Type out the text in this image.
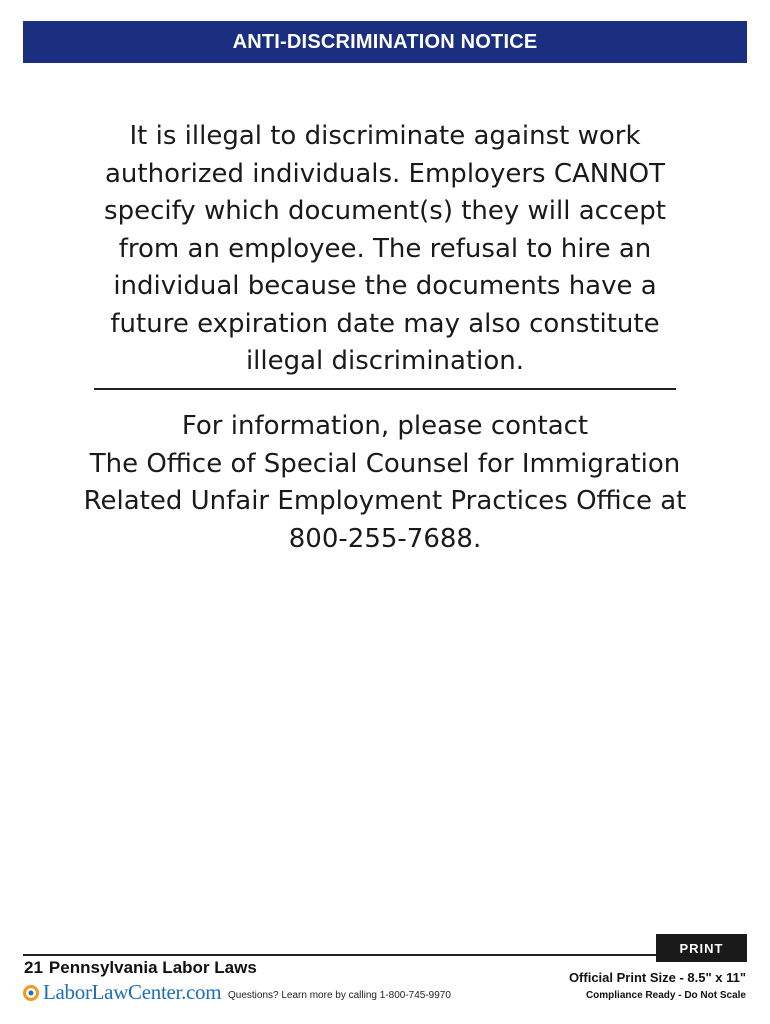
ANTI-DISCRIMINATION NOTICE
It is illegal to discriminate against work
authorized individuals. Employers CANNOT
specify which document(s) they will accept
from an employee. The refusal to hire an
individual because the documents have a
future expiration date may also constitute
illegal discrimination.
For information, please contact
The Office of Special Counsel for Immigration
Related Unfair Employment Practices Office at
800-255-7688.
PRINT
21 Pennsylvania Labor Laws
LaborLawCenter.com Questions? Learn more by calling 1-800-745-9970
Official Print Size - 8.5" x 11"
Compliance Ready - Do Not Scale
